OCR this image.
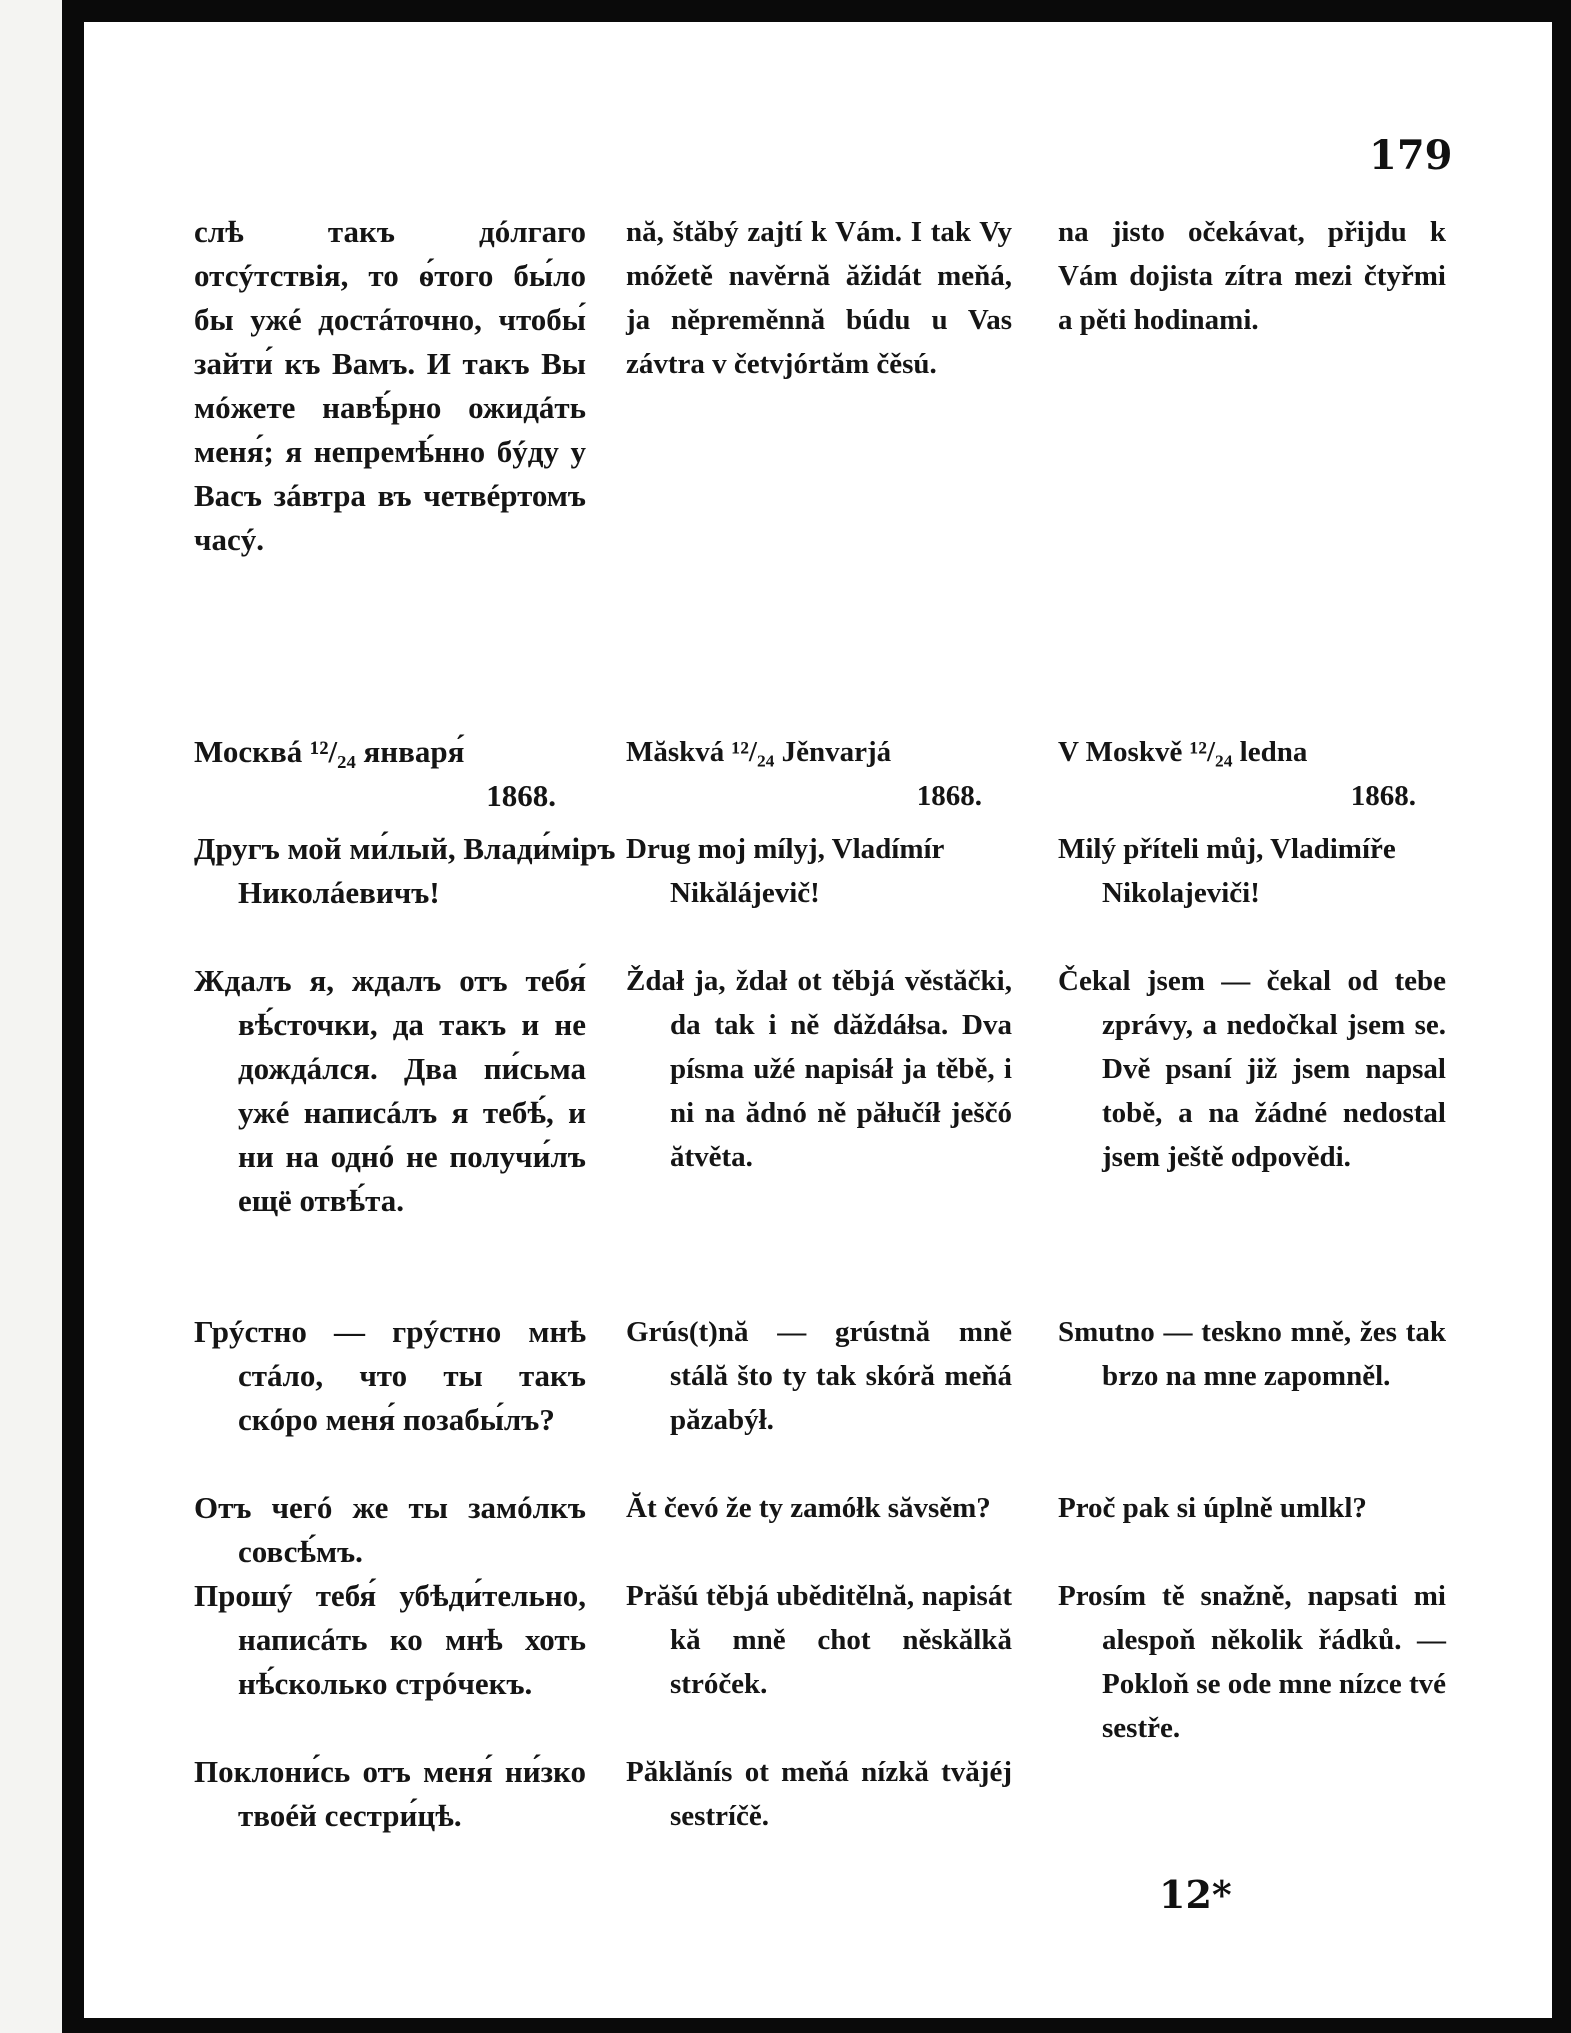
179

слѣ такъ дóлгаго отсýтствія, то ѳ́того бы́ло бы ужé достáточно, чтобы́ зайти́ къ Вамъ. И такъ Вы мóжете навѣ́рно ожидáть меня́; я непремѣ́нно бýду у Васъ зáвтра въ четвéртомъ часý.

Москвá ¹²/₂₄ января́
1868.

Другъ мой ми́лый, Влади́міръ Николáевичъ!

Ждалъ я, ждалъ отъ тебя́ вѣ́сточки, да такъ и не дождáлся. Два пи́сьма ужé написáлъ я тебѣ́, и ни на однó не получи́лъ ещё отвѣ́та.

Грýстно — грýстно мнѣ стáло, что ты такъ скóро меня́ позабы́лъ?

Отъ чегó же ты замóлкъ совсѣ́мъ.

Прошý тебя́ убѣди́тельно, написáть ко мнѣ хоть нѣ́сколько стрóчекъ.

Поклони́сь отъ меня́ ни́зко твоéй сестри́цѣ.

nă, štăbý zajtí k Vám. I tak Vy móžetě navěrnă ăžidát meňá, ja něpreměnnă búdu u Vas závtra v četvjórtăm čěsú.

Măskvá ¹²/₂₄ Jěnvarjá
1868.

Drug moj mílyj, Vladímír Nikălájevič!

Ždał ja, ždał ot těbjá věstăčki, da tak i ně dăždáłsa. Dva písma užé napisáł ja těbě, i ni na ădnó ně păłučíł ješčó ătvěta.

Grús(t)nă — grústnă mně stálă što ty tak skóră meňá păzabýł.

Ăt čevó že ty zamółk săvsěm?

Prăšú těbjá uběditělnă, napisát kă mně chot něskălkă stróček.

Păklănís ot meňá nízkă tvăjéj sestríčě.

na jisto očekávat, přijdu k Vám dojista zítra mezi čtyřmi a pěti hodinami.

V Moskvě ¹²/₂₄ ledna
1868.

Milý příteli můj, Vladimíře Nikolajeviči!

Čekal jsem — čekal od tebe zprávy, a nedočkal jsem se. Dvě psaní již jsem napsal tobě, a na žádné nedostal jsem ještě odpovědi.

Smutno — teskno mně, žes tak brzo na mne zapomněl.

Proč pak si úplně umlkl?

Prosím tě snažně, napsati mi alespoň několik řádků. — Pokloň se ode mne nízce tvé sestře.

12*
